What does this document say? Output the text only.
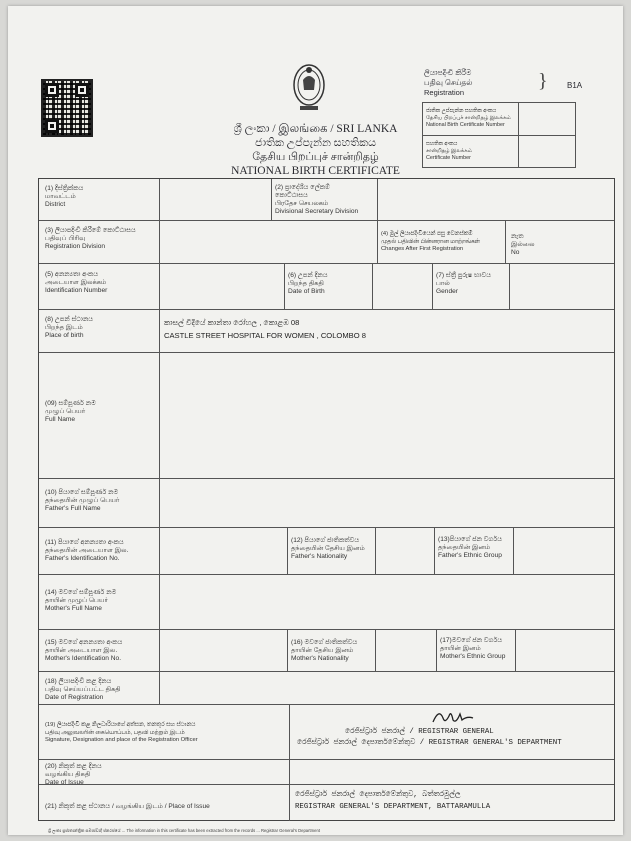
ශ්‍රී ලංකා / இலங்கை / SRI LANKA
ජාතික උප්පැන්න සහතිකය
தேசிய பிறப்புச் சான்றிதழ்
NATIONAL BIRTH CERTIFICATE
ලියාපදිංචි කිරීම
பதிவு செய்தல்
Registration
} B1A
ජාතික උප්පැන්න සහතික අංකය
தேசிய பிறப்புச் சான்றிதழ் இலக்கம்
National Birth Certificate Number
සහතික අංකය
சான்றிதழ் இலக்கம்
Certificate Number
(1) දිස්ත්‍රික්කය
மாவட்டம்
District
(2) ප්‍රාදේශීය ලේකම්
කොට්ඨාසය
பிரதேச செயலகம்
Divisional Secretary Division
(3) ලියාපදිංචි කිරීමේ කොට්ඨාසය
பதிவுப் பிரிவு
Registration Division
(4) මුල් ලියාපදිංචියෙන් පසු වෙනස්කම්
முதல் பதிவின் பின்னரான மாற்றங்கள்
Changes After First Registration
නැත
இல்லை
No
(5) අනන්‍යතා අංකය
அடையாள இலக்கம்
Identification Number
(6) උපන් දිනය
பிறந்த திகதி
Date of Birth
(7) ස්ත්‍රී පුරුෂ භාවය
பால்
Gender
(8) උපන් ස්ථානය
பிறந்த இடம்
Place of birth
කාසල් වීදියේ කාන්තා රෝහල , කොළඹ 08
CASTLE STREET HOSPITAL FOR WOMEN , COLOMBO 8
(09) සම්පූර්ණ නම
முழுப் பெயர்
Full Name
(10) පියාගේ සම්පූර්ණ නම
தந்தையின் முழுப் பெயர்
Father's Full Name
(11) පියාගේ අනන්‍යතා අංකය
தந்தையின் அடையாள இல.
Father's Identification No.
(12) පියාගේ ජාතිකත්වය
தந்தையின் தேசிய இனம்
Father's Nationality
(13)පියාගේ ජන වර්ගය
தந்தையின் இனம்
Father's Ethnic Group
(14) මවගේ සම්පූර්ණ නම
தாயின் முழுப் பெயர்
Mother's Full Name
(15) මවගේ අනන්‍යතා අංකය
தாயின் அடையாள இல.
Mother's Identification No.
(16) මවගේ ජාතිකත්වය
தாயின் தேசிய இனம்
Mother's Nationality
(17)මවගේ ජන වර්ගය
தாயின் இனம்
Mother's Ethnic Group
(18) ලියාපදිංචි කළ දිනය
பதிவு செய்யப்பட்ட திகதி
Date of Registration
(19) ලියාපදිංචි කළ නිලධාරියාගේ අත්සන, තනතුර සහ ස්ථානය
பதிவு அலுவலரின் கையொப்பம், பதவி மற்றும் இடம்
Signature, Designation and place of the Registration Officer
රෙජිස්ට්‍රාර් ජනරාල් / REGISTRAR GENERAL
රෙජිස්ට්‍රාර් ජනරාල් දෙපාර්තමේන්තුව / REGISTRAR GENERAL'S DEPARTMENT
(20) නිකුත් කළ දිනය
வழங்கிய திகதி
Date of Issue
(21) නිකුත් කළ ස්ථානය / வழங்கிய இடம் / Place of Issue
රෙජිස්ට්‍රාර් ජනරාල් දෙපාර්තමේන්තුව, බත්තරමුල්ල
REGISTRAR GENERAL'S DEPARTMENT, BATTARAMULLA
ශ්‍රී ලංකා ප්‍රජාතාන්ත්‍රික සමාජවාදී ජනරජයේ ... The information in this certificate has been extracted from the records ... Registrar General's Department
